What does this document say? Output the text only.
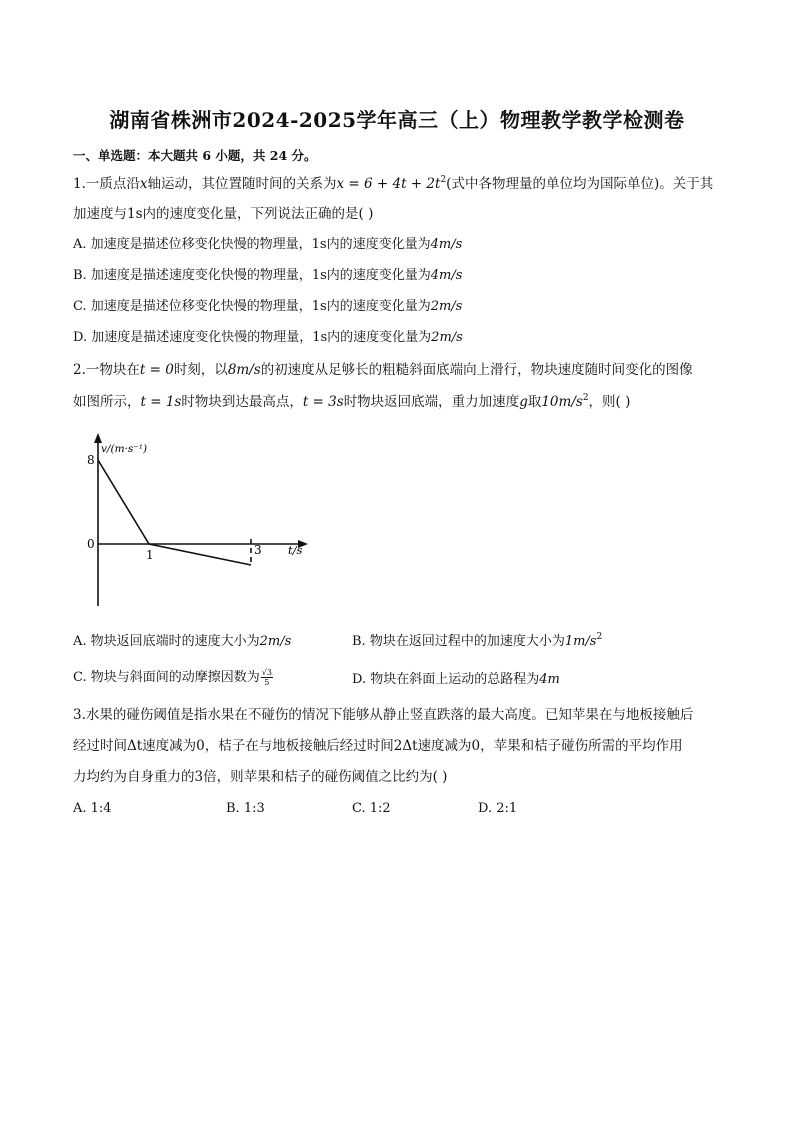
湖南省株洲市2024-2025学年高三（上）物理教学教学检测卷
一、单选题：本大题共 6 小题，共 24 分。
1.一质点沿x轴运动，其位置随时间的关系为$x = 6 + 4t + 2t^2$(式中各物理量的单位均为国际单位)。关于其
加速度与1s内的速度变化量，下列说法正确的是( )
A. 加速度是描述位移变化快慢的物理量，1s内的速度变化量为4m/s
B. 加速度是描述速度变化快慢的物理量，1s内的速度变化量为4m/s
C. 加速度是描述位移变化快慢的物理量，1s内的速度变化量为2m/s
D. 加速度是描述速度变化快慢的物理量，1s内的速度变化量为2m/s
2.一物块在t = 0时刻，以8m/s的初速度从足够长的粗糙斜面底端向上滑行，物块速度随时间变化的图像
如图所示，t = 1s时物块到达最高点，t = 3s时物块返回底端，重力加速度g取$10m/s^2$，则( )
8
0
1	3
v/(m·s⁻¹)
t/s
A. 物块返回底端时的速度大小为2m/s	B. 物块在返回过程中的加速度大小为$1m/s^2$
C. 物块与斜面间的动摩擦因数为 $\frac{√3}{5}$	D. 物块在斜面上运动的总路程为4m
3.水果的碰伤阈值是指水果在不碰伤的情况下能够从静止竖直跌落的最大高度。已知苹果在与地板接触后
经过时间Δt速度减为0，桔子在与地板接触后经过时间2Δt速度减为0，苹果和桔子碰伤所需的平均作用
力均约为自身重力的3倍，则苹果和桔子的碰伤阈值之比约为( )
A. 1:4	B. 1:3	C. 1:2	D. 2:1
